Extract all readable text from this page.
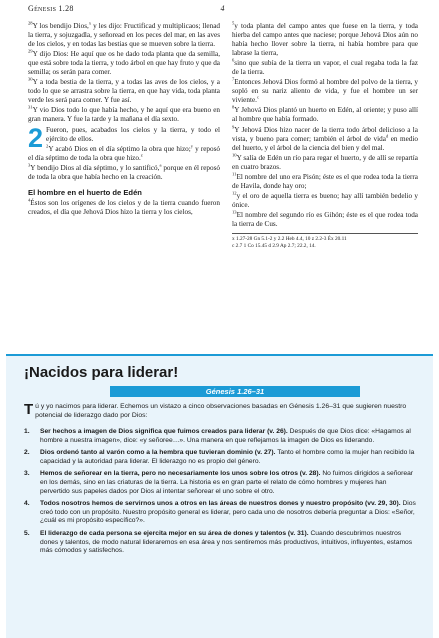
Génesis 1.28	4

$^{28}$Y los bendijo Dios,$^x$ y les dijo: Fructificad y multiplicaos; llenad la tierra, y sojuzgadla, y señoread en los peces del mar, en las aves de los cielos, y en todas las bestias que se mueven sobre la tierra.

$^{29}$Y dijo Dios: He aquí que os he dado toda planta que da semilla, que está sobre toda la tierra, y todo árbol en que hay fruto y que da semilla; os serán para comer.

$^{30}$Y a toda bestia de la tierra, y a todas las aves de los cielos, y a todo lo que se arrastra sobre la tierra, en que hay vida, toda planta verde les será para comer. Y fue así.

$^{31}$Y vio Dios todo lo que había hecho, y he aquí que era bueno en gran manera. Y fue la tarde y la mañana el día sexto.

2 Fueron, pues, acabados los cielos y la tierra, y todo el ejército de ellos.

$^2$Y acabó Dios en el día séptimo la obra que hizo;$^y$ y reposó el día séptimo de toda la obra que hizo.$^z$

$^3$Y bendijo Dios al día séptimo, y lo santificó,$^a$ porque en él reposó de toda la obra que había hecho en la creación.

El hombre en el huerto de Edén

$^4$Éstos son los orígenes de los cielos y de la tierra cuando fueron creados, el día que Jehová Dios hizo la tierra y los cielos,

$^5$y toda planta del campo antes que fuese en la tierra, y toda hierba del campo antes que naciese; porque Jehová Dios aún no había hecho llover sobre la tierra, ni había hombre para que labrase la tierra,

$^6$sino que subía de la tierra un vapor, el cual regaba toda la faz de la tierra.

$^7$Entonces Jehová Dios formó al hombre del polvo de la tierra, y sopló en su nariz aliento de vida, y fue el hombre un ser viviente.$^c$

$^8$Y Jehová Dios plantó un huerto en Edén, al oriente; y puso allí al hombre que había formado.

$^9$Y Jehová Dios hizo nacer de la tierra todo árbol delicioso a la vista, y bueno para comer; también el árbol de vida$^d$ en medio del huerto, y el árbol de la ciencia del bien y del mal.

$^{10}$Y salía de Edén un río para regar el huerto, y de allí se repartía en cuatro brazos.

$^{11}$El nombre del uno era Pisón; éste es el que rodea toda la tierra de Havila, donde hay oro;

$^{12}$y el oro de aquella tierra es bueno; hay allí también bedelio y ónice.

$^{13}$El nombre del segundo río es Gihón; éste es el que rodea toda la tierra de Cus.

x 1.27-28 Gn 5.1-2 y 2.2 Heb 4.4, 10 z 2.2-3 Éx 20.11
c 2.7 1 Co 15.45 d 2.9 Ap 2.7; 22.2, 14.
¡Nacidos para liderar!
Génesis 1.26–31
Tú y yo nacimos para liderar. Echemos un vistazo a cinco observaciones basadas en Génesis 1.26–31 que sugieren nuestro potencial de liderazgo dado por Dios:
1. Ser hechos a imagen de Dios significa que fuimos creados para liderar (v. 26). Después de que Dios dice: «Hagamos al hombre a nuestra imagen», dice: «y señoree…». Una manera en que reflejamos la imagen de Dios es liderando.
2. Dios ordenó tanto al varón como a la hembra que tuvieran dominio (v. 27). Tanto el hombre como la mujer han recibido la capacidad y la autoridad para liderar. El liderazgo no es propio del género.
3. Hemos de señorear en la tierra, pero no necesariamente los unos sobre los otros (v. 28). No fuimos dirigidos a señorear en los demás, sino en las criaturas de la tierra. La historia es en gran parte el relato de cómo hombres y mujeres han pervertido sus papeles dados por Dios al intentar señorear el uno sobre el otro.
4. Todos nosotros hemos de servirnos unos a otros en las áreas de nuestros dones y nuestro propósito (vv. 29, 30). Dios creó todo con un propósito. Nuestro propósito general es liderar, pero cada uno de nosotros debería preguntar a Dios: «Señor, ¿cuál es mi propósito específico?».
5. El liderazgo de cada persona se ejercita mejor en su área de dones y talentos (v. 31). Cuando descubrimos nuestros dones y talentos, de modo natural lideraremos en esa área y nos sentiremos más productivos, intuitivos, influyentes, estamos más cómodos y satisfechos.
